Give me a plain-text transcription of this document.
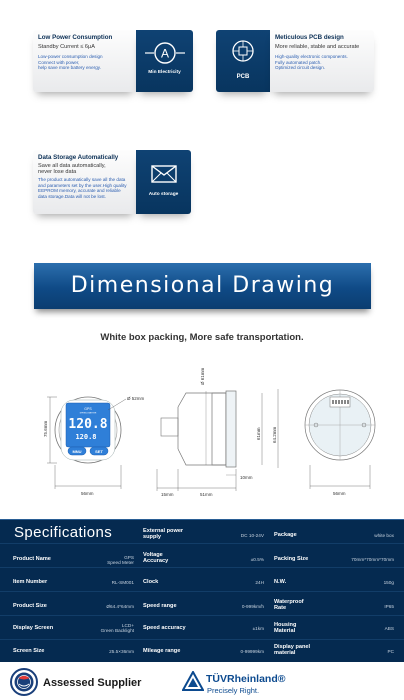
Low Power Consumption
Standby Current ≤ 6μA
Low-power consumption design
Connect with power,
help save more battery energy.
A
Min Electricity
PCB
Meticulous PCB design
More reliable, stable and accurate
High-quality electronic components.
Fully automated patch.
Optimized circuit design.
Data Storage Automatically
Save all data automatically,
never lose data
The product automatically save all the data
and parameters set by the user.High quality
EEPROM memory, accurate and reliable
data storage.Data will not be lost.	Auto storage
Dimensional Drawing
White box packing, More safe transportation.
GPS
SPEEDOMETER
120.8
120.8
MNU	SET
75.6mm
Ø 52mm
56mm
Ø 61mm
61mm 64.2mm
10mm
15mm	51mm	56mm
Specifications
Product Name	GPS
Speed Meter
Item Number	RL-SM001
Product Size	Ø64.4*64mm
Display Screen	LCD+
Green Backlight
Screen Size	25.5×36mm
External power
supply	DC 10-24V
Voltage
Accuracy	±0.5%
Clock	24H
Speed range	0-999km/h
Speed accuracy	±1km
Mileage range	0-99999km
Package	white box
Packing Size	70mm*70mm*70mm
N.W.	150g
Waterproof
Rate	IP65
Housing
Material	ABS
Display panel
material	PC
Assessed Supplier	TÜVRheinland®
Precisely Right.
